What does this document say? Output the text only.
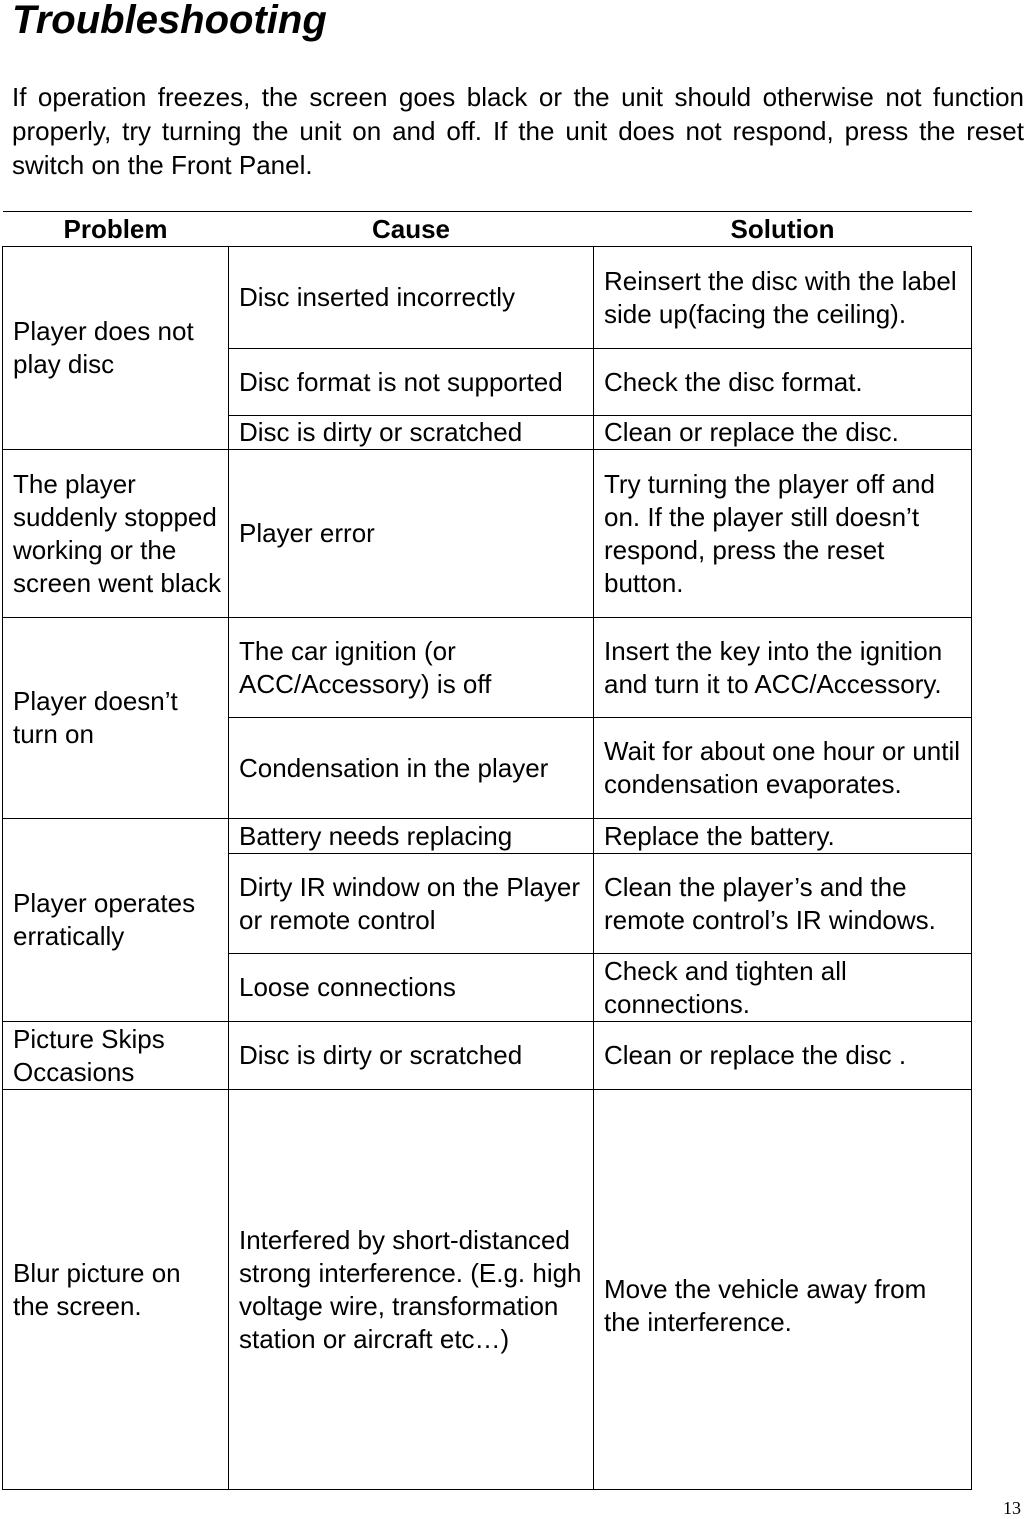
Troubleshooting

If operation freezes, the screen goes black or the unit should otherwise not function properly, try turning the unit on and off. If the unit does not respond, press the reset switch on the Front Panel.

Problem	Cause	Solution
Player does not play disc	Disc inserted incorrectly	Reinsert the disc with the label side up(facing the ceiling).
	Disc format is not supported	Check the disc format.
	Disc is dirty or scratched	Clean or replace the disc.
The player suddenly stopped working or the screen went black	Player error	Try turning the player off and on. If the player still doesn’t respond, press the reset button.
Player doesn’t turn on	The car ignition (or ACC/Accessory) is off	Insert the key into the ignition and turn it to ACC/Accessory.
	Condensation in the player	Wait for about one hour or until condensation evaporates.
Player operates erratically	Battery needs replacing	Replace the battery.
	Dirty IR window on the Player or remote control	Clean the player’s and the remote control’s IR windows.
	Loose connections	Check and tighten all connections.
Picture Skips Occasions	Disc is dirty or scratched	Clean or replace the disc .
Blur picture on the screen.	Interfered by short-distanced strong interference. (E.g. high voltage wire, transformation station or aircraft etc…)	Move the vehicle away from the interference.
13
